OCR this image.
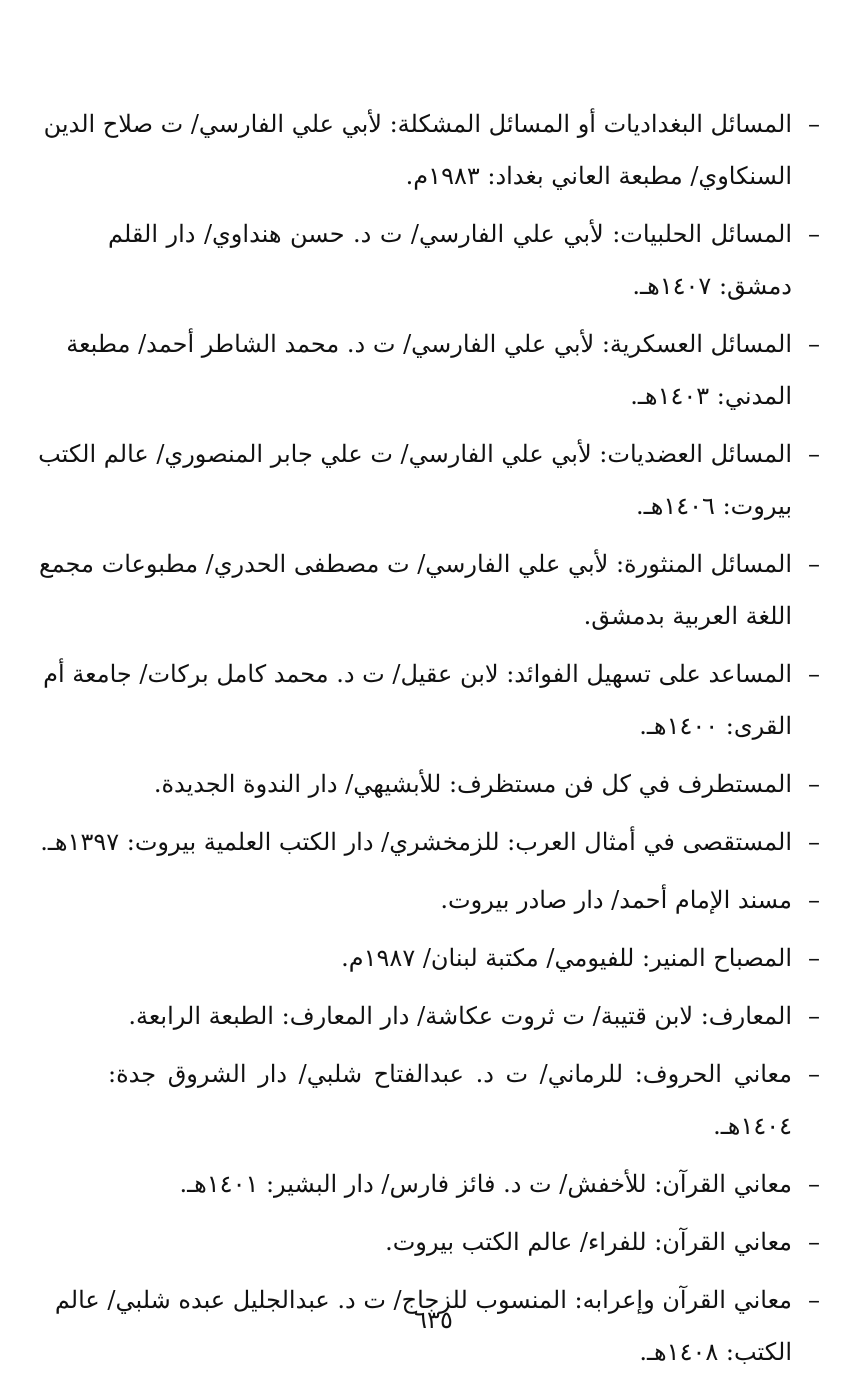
–
المسائل البغداديات أو المسائل المشكلة: لأبي علي الفارسي/ ت صلاح الدين
السنكاوي/ مطبعة العاني بغداد: ١٩٨٣م.
–
المسائل الحلبيات: لأبي علي الفارسي/ ت د. حسن هنداوي/ دار القلم
دمشق: ١٤٠٧هـ.
–
المسائل العسكرية: لأبي علي الفارسي/ ت د. محمد الشاطر أحمد/ مطبعة
المدني: ١٤٠٣هـ.
–
المسائل العضديات: لأبي علي الفارسي/ ت علي جابر المنصوري/ عالم الكتب
بيروت: ١٤٠٦هـ.
–
المسائل المنثورة: لأبي علي الفارسي/ ت مصطفى الحدري/ مطبوعات مجمع
اللغة العربية بدمشق.
–
المساعد على تسهيل الفوائد: لابن عقيل/ ت د. محمد كامل بركات/ جامعة أم
القرى: ١٤٠٠هـ.
–
المستطرف في كل فن مستظرف: للأبشيهي/ دار الندوة الجديدة.
–
المستقصى في أمثال العرب: للزمخشري/ دار الكتب العلمية بيروت: ١٣٩٧هـ.
–
مسند الإمام أحمد/ دار صادر بيروت.
–
المصباح المنير: للفيومي/ مكتبة لبنان/ ١٩٨٧م.
–
المعارف: لابن قتيبة/ ت ثروت عكاشة/ دار المعارف: الطبعة الرابعة.
–
معاني الحروف: للرماني/ ت د. عبدالفتاح شلبي/ دار الشروق جدة:
١٤٠٤هـ.
–
معاني القرآن: للأخفش/ ت د. فائز فارس/ دار البشير: ١٤٠١هـ.
–
معاني القرآن: للفراء/ عالم الكتب بيروت.
–
معاني القرآن وإعرابه: المنسوب للزجاج/ ت د. عبدالجليل عبده شلبي/ عالم
الكتب: ١٤٠٨هـ.
٦٣٥
